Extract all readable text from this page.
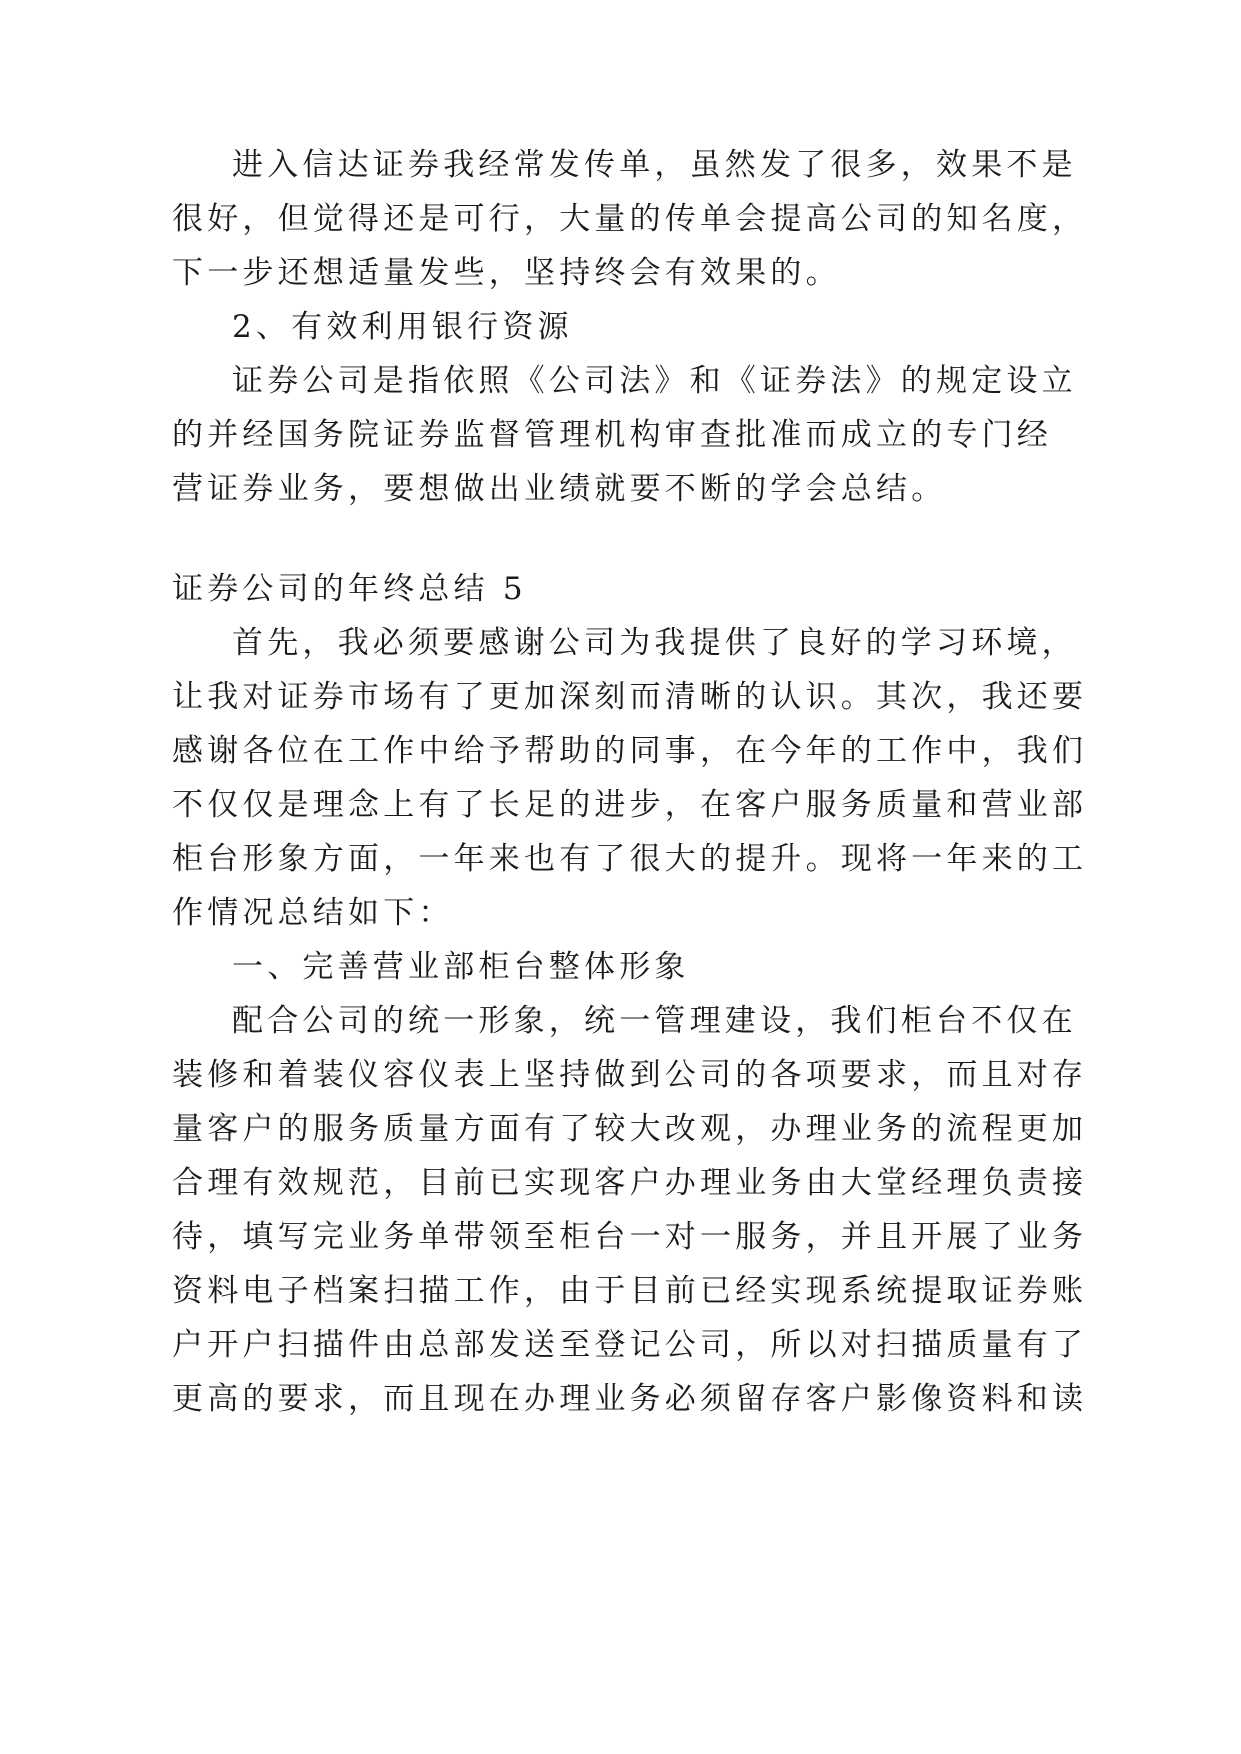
进入信达证券我经常发传单，虽然发了很多，效果不是
很好，但觉得还是可行，大量的传单会提高公司的知名度，
下一步还想适量发些，坚持终会有效果的。
2、有效利用银行资源
证券公司是指依照《公司法》和《证券法》的规定设立
的并经国务院证券监督管理机构审查批准而成立的专门经
营证券业务，要想做出业绩就要不断的学会总结。
证券公司的年终总结 5
首先，我必须要感谢公司为我提供了良好的学习环境，
让我对证券市场有了更加深刻而清晰的认识。其次，我还要
感谢各位在工作中给予帮助的同事，在今年的工作中，我们
不仅仅是理念上有了长足的进步，在客户服务质量和营业部
柜台形象方面，一年来也有了很大的提升。现将一年来的工
作情况总结如下：
一、完善营业部柜台整体形象
配合公司的统一形象，统一管理建设，我们柜台不仅在
装修和着装仪容仪表上坚持做到公司的各项要求，而且对存
量客户的服务质量方面有了较大改观，办理业务的流程更加
合理有效规范，目前已实现客户办理业务由大堂经理负责接
待，填写完业务单带领至柜台一对一服务，并且开展了业务
资料电子档案扫描工作，由于目前已经实现系统提取证券账
户开户扫描件由总部发送至登记公司，所以对扫描质量有了
更高的要求，而且现在办理业务必须留存客户影像资料和读
